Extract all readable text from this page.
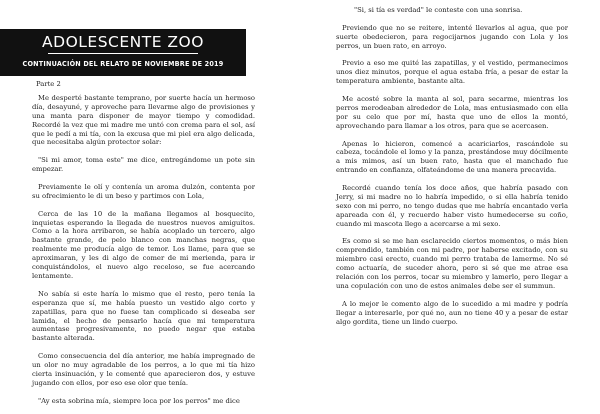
ADOLESCENTE ZOO
CONTINUACIÓN DEL RELATO DE NOVIEMBRE DE 2019

Parte 2

Me desperté bastante temprano, por suerte hacía un hermoso día, desayuné, y aproveche para llevarme algo de provisiones y una manta para disponer de mayor tiempo y comodidad. Recordé la vez que mi madre me untó con crema para el sol, así que le pedí a mi tía, con la excusa que mi piel era algo delicada, que necesitaba algún protector solar:

"Si mi amor, toma este" me dice, entregándome un pote sin empezar.

Previamente le olí y contenía un aroma dulzón, contenta por su ofrecimiento le di un beso y partimos con Lola,

Cerca de las 10 de la mañana llegamos al bosquecito, inquietas esperando la llegada de nuestros nuevos amiguitos. Como a la hora arribaron, se había acoplado un tercero, algo bastante grande, de pelo blanco con manchas negras, que realmente me producía algo de temor. Los llame, para que se aproximaran, y les di algo de comer de mi merienda, para ir conquistándolos, el nuevo algo receloso, se fue acercando lentamente.

No sabía si este haría lo mismo que el resto, pero tenía la esperanza que sí, me había puesto un vestido algo corto y zapatillas, para que no fuese tan complicado si deseaba ser lamida, el hecho de pensarlo hacía que mi temperatura aumentase progresivamente, no puedo negar que estaba bastante alterada.

Como consecuencia del día anterior, me había impregnado de un olor no muy agradable de los perros, a lo que mi tía hizo cierta insinuación, y le comenté que aparecieron dos, y estuve jugando con ellos, por eso ese olor que tenía.

"Ay esta sobrina mía, siempre loca por los perros" me dice

"Si, si tía es verdad" le conteste con una sonrisa.

Previendo que no se reitere, intenté llevarlos al agua, que por suerte obedecieron, para regocijarnos jugando con Lola y los perros, un buen rato, en arroyo.

Previo a eso me quité las zapatillas, y el vestido, permanecimos unos diez minutos, porque el agua estaba fría, a pesar de estar la temperatura ambiente, bastante alta.

Me acosté sobre la manta al sol, para secarme, mientras los perros merodeaban alrededor de Lola, mas entusiasmado con ella por su celo que por mí, hasta que uno de ellos la montó, aprovechando para llamar a los otros, para que se acercasen.

Apenas lo hicieron, comencé a acariciarlos, rascándole su cabeza, tocándole el lomo y la panza, prestándose muy dócilmente a mis mimos, así un buen rato, hasta que el manchado fue entrando en confianza, olfateándome de una manera precavida.

Recordé cuando tenía los doce años, que habría pasado con Jerry, si mi madre no lo habría impedido, o si ella habría tenido sexo con mi perro, no tengo dudas que me habría encantado verla apareada con él, y recuerdo haber visto humedecerse su coño, cuando mi mascota llego a acercarse a mi sexo.

Es como si se me han esclarecido ciertos momentos, o más bien comprendido, también con mi padre, por haberse excitado, con su miembro casi erecto, cuando mi perro trataba de lamerme. No sé como actuaría, de suceder ahora, pero si sé que me atrae esa relación con los perros, tocar su miembro y lamerlo, pero llegar a una copulación con uno de estos animales debe ser el summun.

A lo mejor le comento algo de lo sucedido a mi madre y podría llegar a interesarle, por qué no, aun no tiene 40 y a pesar de estar algo gordita, tiene un lindo cuerpo.
